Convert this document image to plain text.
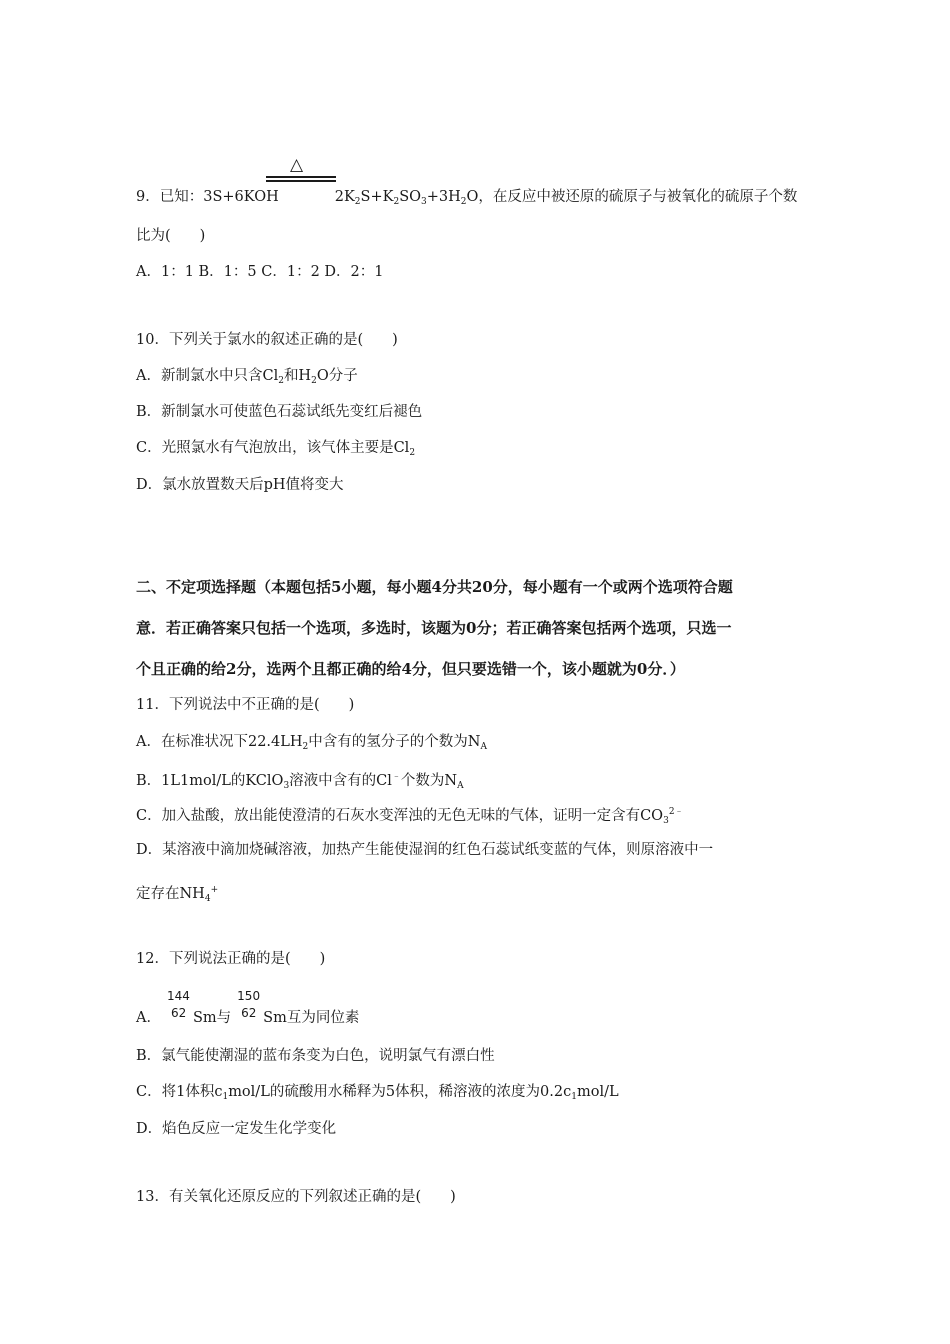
△
9．已知：3S+6KOH	$2K_2S+K_2SO_3+3H_2O$，在反应中被还原的硫原子与被氧化的硫原子个数
比为(　　)
A．1：1 B．1：5 C．1：2 D．2：1
10．下列关于氯水的叙述正确的是(　　)
A．新制氯水中只含$Cl_2$和$H_2O$分子
B．新制氯水可使蓝色石蕊试纸先变红后褪色
C．光照氯水有气泡放出，该气体主要是$Cl_2$
D．氯水放置数天后pH值将变大
二、不定项选择题（本题包括5小题，每小题4分共20分，每小题有一个或两个选项符合题
意．若正确答案只包括一个选项，多选时，该题为0分；若正确答案包括两个选项，只选一
个且正确的给2分，选两个且都正确的给4分，但只要选错一个，该小题就为0分．）
11．下列说法中不正确的是(　　)
A．在标准状况下$22.4LH_2$中含有的氢分子的个数为$N_A$
B．1L1mol/L的KClO$_3$溶液中含有的Cl﹣个数为$N_A$
C．加入盐酸，放出能使澄清的石灰水变浑浊的无色无味的气体，证明一定含有$CO_3^{2﹣}$
D．某溶液中滴加烧碱溶液，加热产生能使湿润的红色石蕊试纸变蓝的气体，则原溶液中一
定存在$NH_4^+$
12．下列说法正确的是(　　)
A．
144
62 Sm与
150
62 Sm互为同位素
B．氯气能使潮湿的蓝布条变为白色，说明氯气有漂白性
C．将1体积$c_1mol/L$的硫酸用水稀释为5体积，稀溶液的浓度为$0.2c_1mol/L$
D．焰色反应一定发生化学变化
13．有关氧化还原反应的下列叙述正确的是(　　)
